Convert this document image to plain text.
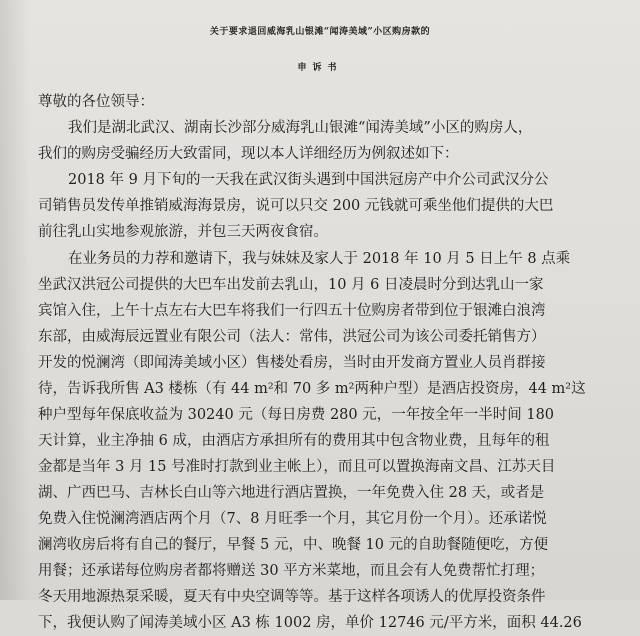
关于要求退回威海乳山银滩“闻涛美域”小区购房款的
申诉书
尊敬的各位领导：
我们是湖北武汉、湖南长沙部分威海乳山银滩“闻涛美域”小区的购房人，
我们的购房受骗经历大致雷同，现以本人详细经历为例叙述如下：
2018 年 9 月下旬的一天我在武汉街头遇到中国洪冠房产中介公司武汉分公
司销售员发传单推销威海海景房，说可以只交 200 元钱就可乘坐他们提供的大巴
前往乳山实地参观旅游，并包三天两夜食宿。
在业务员的力荐和邀请下，我与妹妹及家人于 2018 年 10 月 5 日上午 8 点乘
坐武汉洪冠公司提供的大巴车出发前去乳山，10 月 6 日凌晨时分到达乳山一家
宾馆入住，上午十点左右大巴车将我们一行四五十位购房者带到位于银滩白浪湾
东部，由威海辰远置业有限公司（法人：常伟，洪冠公司为该公司委托销售方）
开发的悦澜湾（即闻涛美域小区）售楼处看房，当时由开发商方置业人员肖群接
待，告诉我所售 A3 楼栋（有 44 m²和 70 多 m²两种户型）是酒店投资房，44 m²这
种户型每年保底收益为 30240 元（每日房费 280 元，一年按全年一半时间 180
天计算，业主净抽 6 成，由酒店方承担所有的费用其中包含物业费，且每年的租
金都是当年 3 月 15 号准时打款到业主帐上），而且可以置换海南文昌、江苏天目
湖、广西巴马、吉林长白山等六地进行酒店置换，一年免费入住 28 天，或者是
免费入住悦澜湾酒店两个月（7、8 月旺季一个月，其它月份一个月）。还承诺悦
澜湾收房后将有自己的餐厅，早餐 5 元，中、晚餐 10 元的自助餐随便吃，方便
用餐；还承诺每位购房者都将赠送 30 平方米菜地，而且会有人免费帮忙打理；
冬天用地源热泵采暖，夏天有中央空调等等。基于这样各项诱人的优厚投资条件
下，我便认购了闻涛美域小区 A3 栋 1002 房，单价 12746 元/平方米，面积 44.26
